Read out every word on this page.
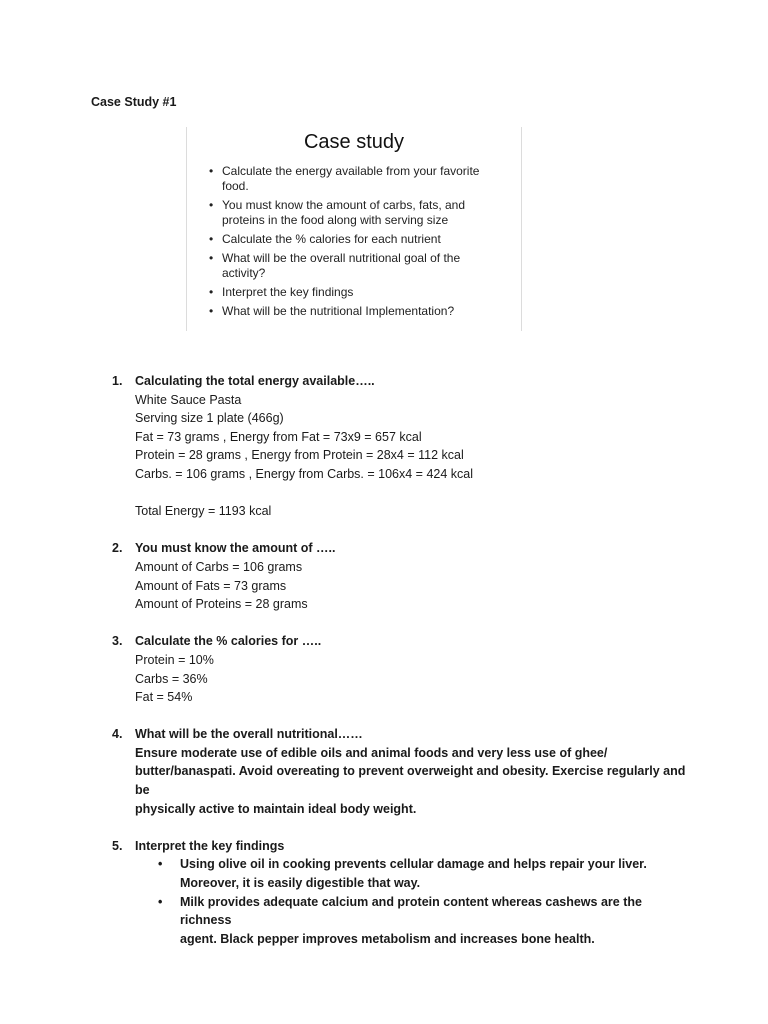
Case Study #1
Case study
• Calculate the energy available from your favorite food.
• You must know the amount of carbs, fats, and proteins in the food along with serving size
• Calculate the % calories for each nutrient
• What will be the overall nutritional goal of the activity?
• Interpret the key findings
• What will be the nutritional Implementation?
1. Calculating the total energy available…..
White Sauce Pasta
Serving size 1 plate (466g)
Fat = 73 grams , Energy from Fat = 73x9 = 657 kcal
Protein = 28 grams , Energy from Protein = 28x4 = 112 kcal
Carbs. = 106 grams , Energy from Carbs. = 106x4 = 424 kcal
Total Energy = 1193 kcal
2. You must know the amount of …..
Amount of Carbs = 106 grams
Amount of Fats = 73 grams
Amount of Proteins = 28 grams
3. Calculate the % calories for …..
Protein = 10%
Carbs = 36%
Fat = 54%
4. What will be the overall nutritional……
Ensure moderate use of edible oils and animal foods and very less use of ghee/
butter/banaspati. Avoid overeating to prevent overweight and obesity. Exercise regularly and be
physically active to maintain ideal body weight.
5. Interpret the key findings
• Using olive oil in cooking prevents cellular damage and helps repair your liver.
Moreover, it is easily digestible that way.
• Milk provides adequate calcium and protein content whereas cashews are the richness
agent. Black pepper improves metabolism and increases bone health.
